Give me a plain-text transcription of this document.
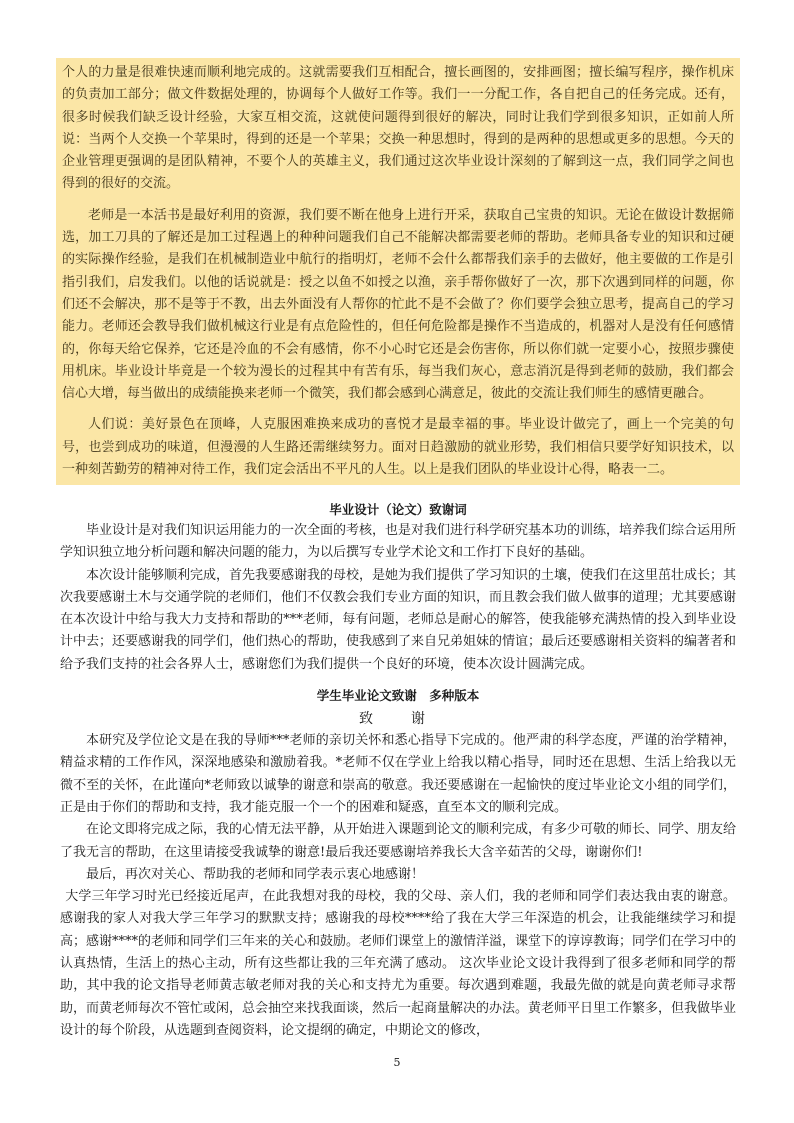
个人的力量是很难快速而顺利地完成的。这就需要我们互相配合，擅长画图的，安排画图；擅长编写程序，操作机床的负责加工部分；做文件数据处理的，协调每个人做好工作等。我们一一分配工作，各自把自己的任务完成。还有，很多时候我们缺乏设计经验，大家互相交流，这就使问题得到很好的解决，同时让我们学到很多知识，正如前人所说：当两个人交换一个苹果时，得到的还是一个苹果；交换一种思想时，得到的是两种的思想或更多的思想。今天的企业管理更强调的是团队精神，不要个人的英雄主义，我们通过这次毕业设计深刻的了解到这一点，我们同学之间也得到的很好的交流。

老师是一本活书是最好利用的资源，我们要不断在他身上进行开采，获取自己宝贵的知识。无论在做设计数据筛选，加工刀具的了解还是加工过程遇上的种种问题我们自己不能解决都需要老师的帮助。老师具备专业的知识和过硬的实际操作经验，是我们在机械制造业中航行的指明灯，老师不会什么都帮我们亲手的去做好，他主要做的工作是引指引我们，启发我们。以他的话说就是：授之以鱼不如授之以渔，亲手帮你做好了一次，那下次遇到同样的问题，你们还不会解决，那不是等于不教，出去外面没有人帮你的忙此不是不会做了？你们要学会独立思考，提高自己的学习能力。老师还会教导我们做机械这行业是有点危险性的，但任何危险都是操作不当造成的，机器对人是没有任何感情的，你每天给它保养，它还是冷血的不会有感情，你不小心时它还是会伤害你，所以你们就一定要小心，按照步骤使用机床。毕业设计毕竟是一个较为漫长的过程其中有苦有乐，每当我们灰心，意志消沉是得到老师的鼓励，我们都会信心大增，每当做出的成绩能换来老师一个微笑，我们都会感到心满意足，彼此的交流让我们师生的感情更融合。

人们说：美好景色在顶峰，人克服困难换来成功的喜悦才是最幸福的事。毕业设计做完了，画上一个完美的句号，也尝到成功的味道，但漫漫的人生路还需继续努力。面对日趋激励的就业形势，我们相信只要学好知识技术，以一种刻苦勤劳的精神对待工作，我们定会活出不平凡的人生。以上是我们团队的毕业设计心得，略表一二。

毕业设计（论文）致谢词

毕业设计是对我们知识运用能力的一次全面的考核，也是对我们进行科学研究基本功的训练，培养我们综合运用所学知识独立地分析问题和解决问题的能力，为以后撰写专业学术论文和工作打下良好的基础。

本次设计能够顺利完成，首先我要感谢我的母校，是她为我们提供了学习知识的土壤，使我们在这里茁壮成长；其次我要感谢土木与交通学院的老师们，他们不仅教会我们专业方面的知识，而且教会我们做人做事的道理；尤其要感谢在本次设计中给与我大力支持和帮助的***老师，每有问题，老师总是耐心的解答，使我能够充满热情的投入到毕业设计中去；还要感谢我的同学们，他们热心的帮助，使我感到了来自兄弟姐妹的情谊；最后还要感谢相关资料的编著者和给予我们支持的社会各界人士，感谢您们为我们提供一个良好的环境，使本次设计圆满完成。

学生毕业论文致谢　多种版本
致　谢

本研究及学位论文是在我的导师***老师的亲切关怀和悉心指导下完成的。他严肃的科学态度，严谨的治学精神，精益求精的工作作风，深深地感染和激励着我。*老师不仅在学业上给我以精心指导，同时还在思想、生活上给我以无微不至的关怀，在此谨向*老师致以诚挚的谢意和崇高的敬意。我还要感谢在一起愉快的度过毕业论文小组的同学们，正是由于你们的帮助和支持，我才能克服一个一个的困难和疑惑，直至本文的顺利完成。

在论文即将完成之际，我的心情无法平静，从开始进入课题到论文的顺利完成，有多少可敬的师长、同学、朋友给了我无言的帮助，在这里请接受我诚挚的谢意!最后我还要感谢培养我长大含辛茹苦的父母，谢谢你们!

最后，再次对关心、帮助我的老师和同学表示衷心地感谢！

大学三年学习时光已经接近尾声，在此我想对我的母校，我的父母、亲人们，我的老师和同学们表达我由衷的谢意。感谢我的家人对我大学三年学习的默默支持；感谢我的母校****给了我在大学三年深造的机会，让我能继续学习和提高；感谢****的老师和同学们三年来的关心和鼓励。老师们课堂上的激情洋溢，课堂下的谆谆教诲；同学们在学习中的认真热情，生活上的热心主动，所有这些都让我的三年充满了感动。 这次毕业论文设计我得到了很多老师和同学的帮助，其中我的论文指导老师黄志敏老师对我的关心和支持尤为重要。每次遇到难题，我最先做的就是向黄老师寻求帮助，而黄老师每次不管忙或闲，总会抽空来找我面谈，然后一起商量解决的办法。黄老师平日里工作繁多，但我做毕业设计的每个阶段，从选题到查阅资料，论文提纲的确定，中期论文的修改，

5
